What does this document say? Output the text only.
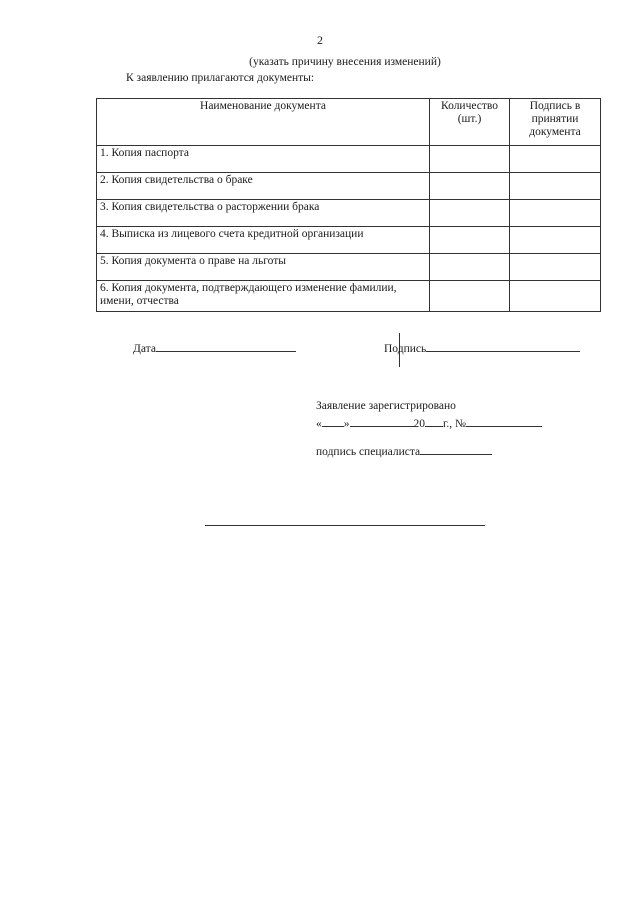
2
(указать причину внесения изменений)
К заявлению прилагаются документы:
Наименование документа	Количество (шт.)	Подпись в принятии документа
1. Копия паспорта		
2. Копия свидетельства о браке		
3. Копия свидетельства о расторжении брака		
4. Выписка из лицевого счета кредитной организации		
5. Копия документа о праве на льготы		
6. Копия документа, подтверждающего изменение фамилии, имени, отчества		
Дата	Подпись
Заявление зарегистрировано
« »	20 г., №
подпись специалиста
